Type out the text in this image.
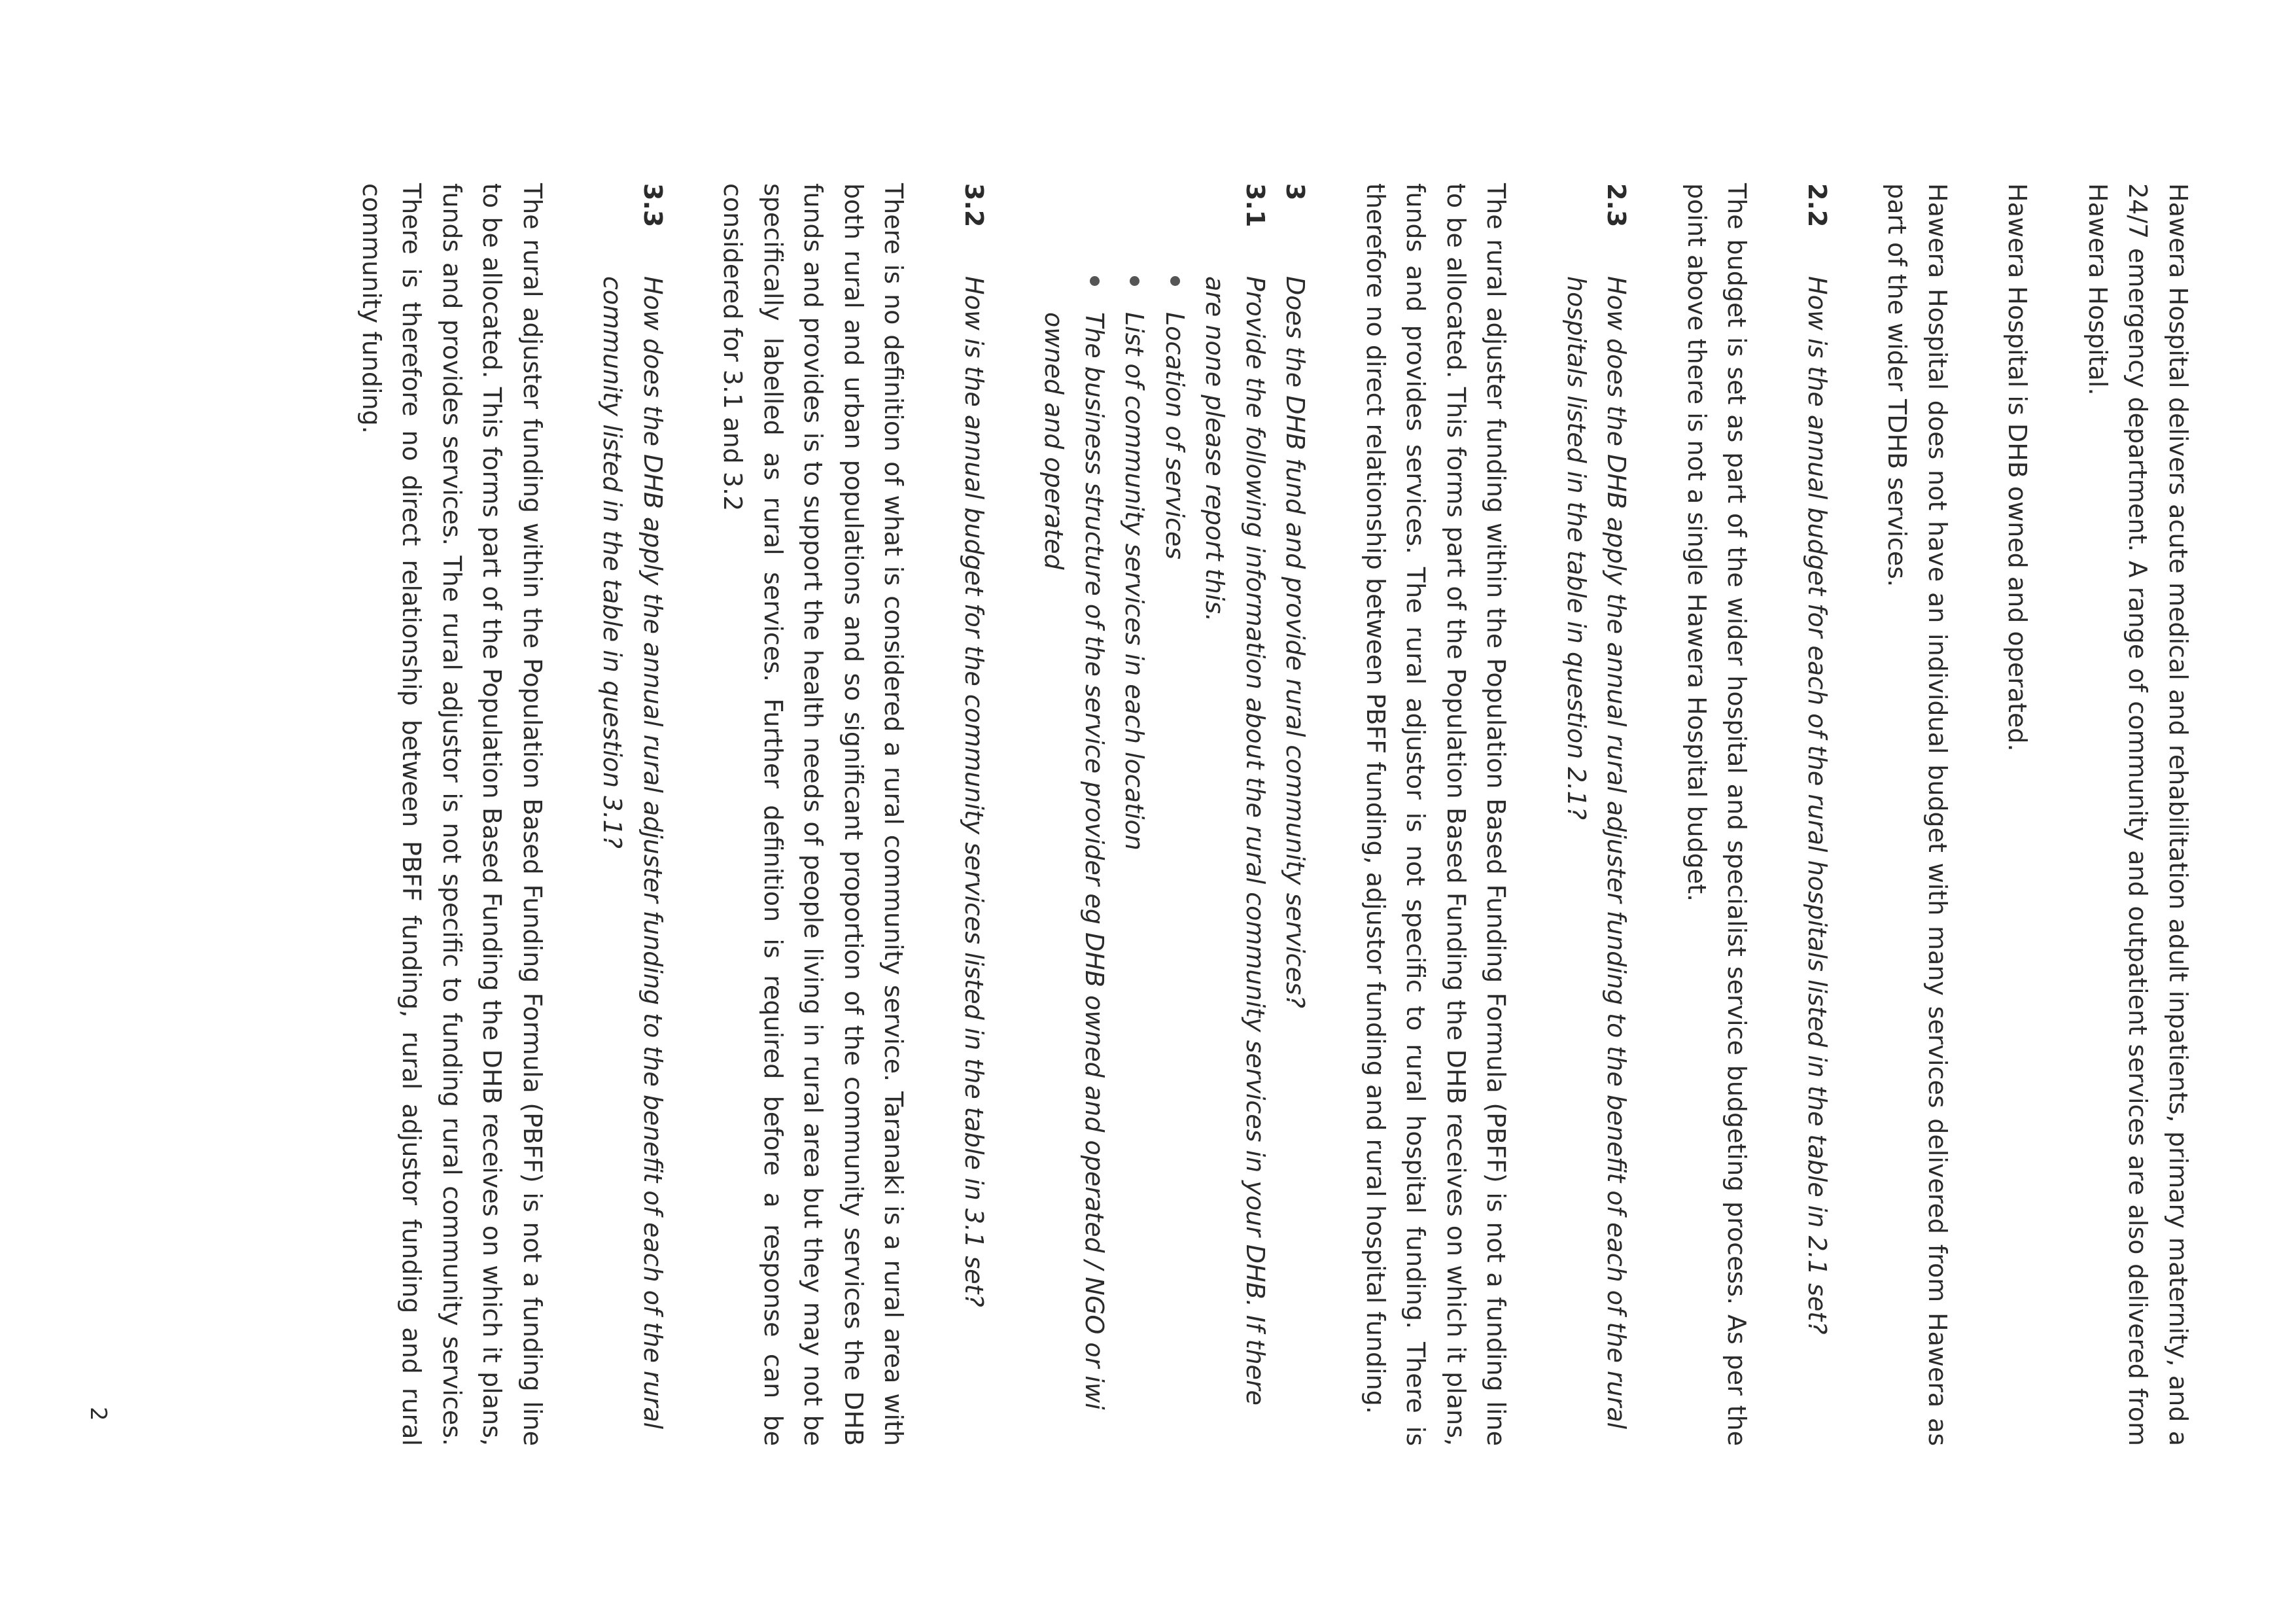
Hawera Hospital delivers acute medical and rehabilitation adult inpatients, primary maternity, and a 24/7 emergency department. A range of community and outpatient services are also delivered from Hawera Hospital.

Hawera Hospital is DHB owned and operated.

Hawera Hospital does not have an individual budget with many services delivered from Hawera as part of the wider TDHB services.

2.2
How is the annual budget for each of the rural hospitals listed in the table in 2.1 set?

The budget is set as part of the wider hospital and specialist service budgeting process. As per the point above there is not a single Hawera Hospital budget.

2.3
How does the DHB apply the annual rural adjuster funding to the benefit of each of the rural hospitals listed in the table in question 2.1?

The rural adjuster funding within the Population Based Funding Formula (PBFF) is not a funding line to be allocated. This forms part of the Population Based Funding the DHB receives on which it plans, funds and provides services. The rural adjustor is not specific to rural hospital funding. There is therefore no direct relationship between PBFF funding, adjustor funding and rural hospital funding.

3
Does the DHB fund and provide rural community services?
3.1
Provide the following information about the rural community services in your DHB. If there are none please report this.
Location of services
List of community services in each location
The business structure of the service provider eg DHB owned and operated / NGO or iwi owned and operated
3.2
How is the annual budget for the community services listed in the table in 3.1 set?

There is no definition of what is considered a rural community service. Taranaki is a rural area with both rural and urban populations and so significant proportion of the community services the DHB funds and provides is to support the health needs of people living in rural area but they may not be specifically labelled as rural services. Further definition is required before a response can be considered for 3.1 and 3.2

3.3
How does the DHB apply the annual rural adjuster funding to the benefit of each of the rural community listed in the table in question 3.1?

The rural adjuster funding within the Population Based Funding Formula (PBFF) is not a funding line to be allocated. This forms part of the Population Based Funding the DHB receives on which it plans, funds and provides services. The rural adjustor is not specific to funding rural community services. There is therefore no direct relationship between PBFF funding, rural adjustor funding and rural community funding.

2
